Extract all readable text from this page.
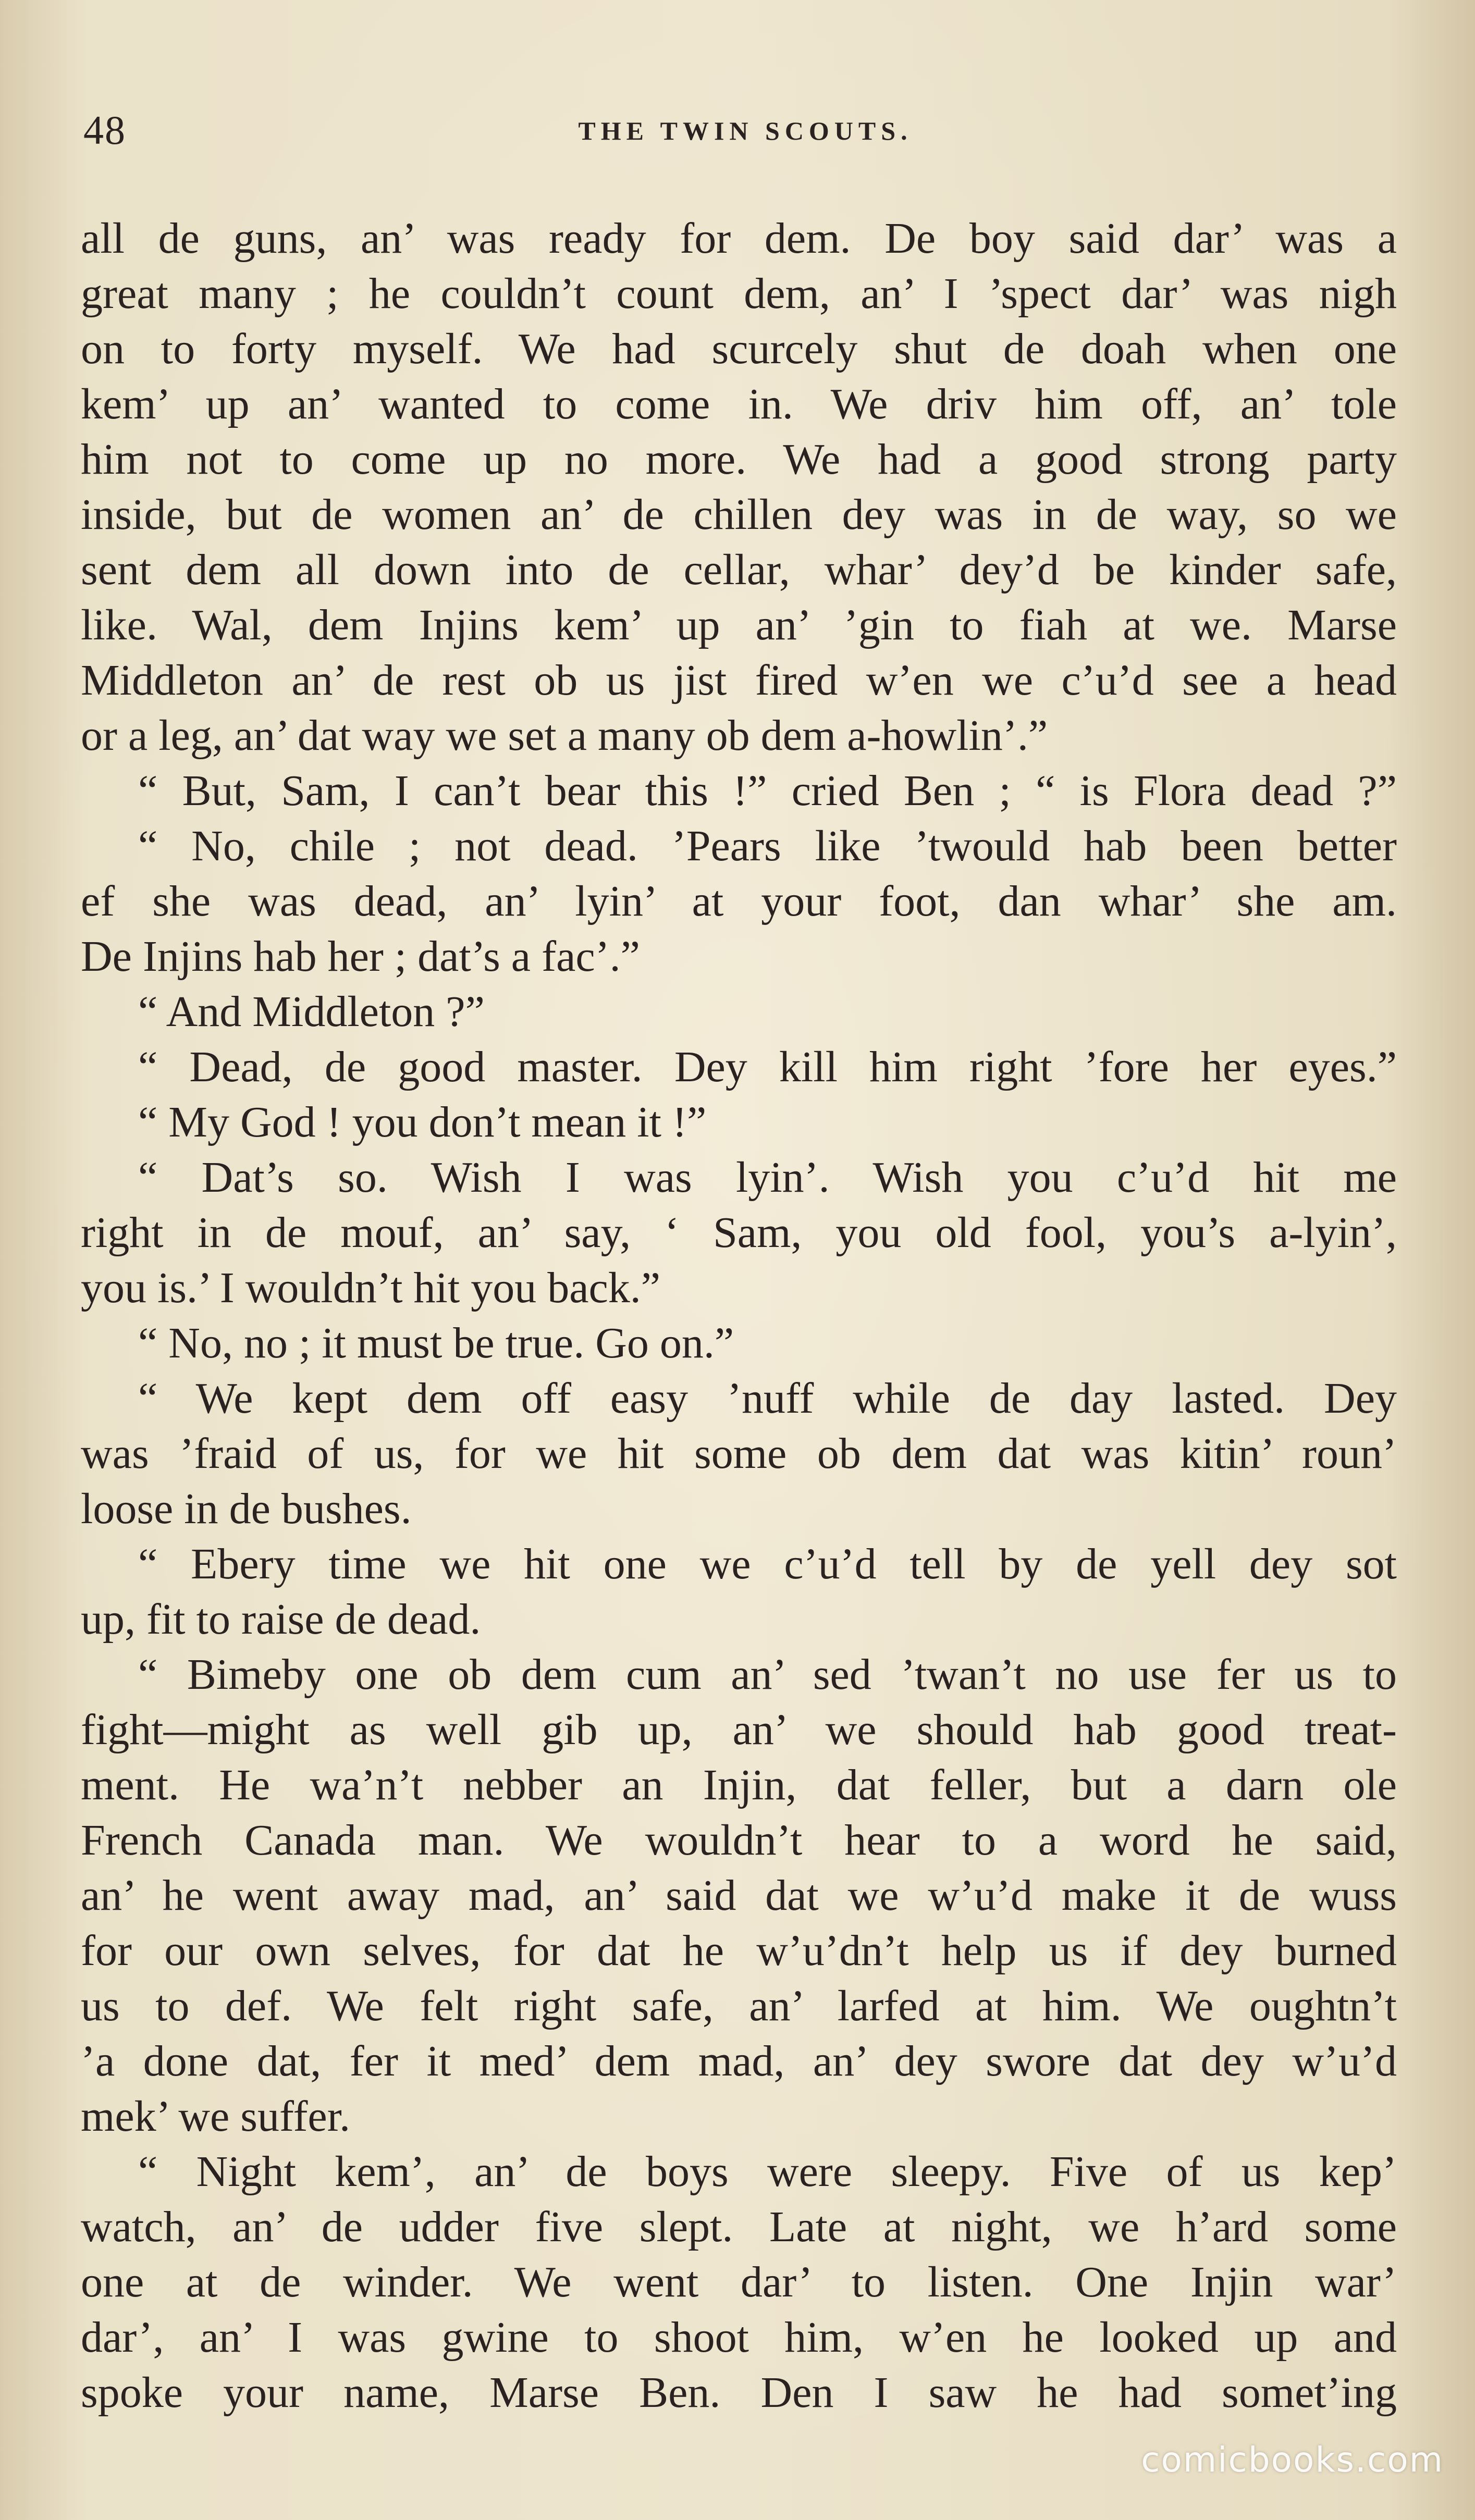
48	THE TWIN SCOUTS.
all de guns, an’ was ready for dem. De boy said dar’ was a
great many ; he couldn’t count dem, an’ I ’spect dar’ was nigh
on to forty myself. We had scurcely shut de doah when one
kem’ up an’ wanted to come in. We driv him off, an’ tole
him not to come up no more. We had a good strong party
inside, but de women an’ de chillen dey was in de way, so we
sent dem all down into de cellar, whar’ dey’d be kinder safe,
like. Wal, dem Injins kem’ up an’ ’gin to fiah at we. Marse
Middleton an’ de rest ob us jist fired w’en we c’u’d see a head
or a leg, an’ dat way we set a many ob dem a-howlin’.”
“ But, Sam, I can’t bear this !” cried Ben ; “ is Flora dead ?”
“ No, chile ; not dead. ’Pears like ’twould hab been better
ef she was dead, an’ lyin’ at your foot, dan whar’ she am.
De Injins hab her ; dat’s a fac’.”
“ And Middleton ?”
“ Dead, de good master. Dey kill him right ’fore her eyes.”
“ My God ! you don’t mean it !”
“ Dat’s so. Wish I was lyin’. Wish you c’u’d hit me
right in de mouf, an’ say, ‘ Sam, you old fool, you’s a-lyin’,
you is.’ I wouldn’t hit you back.”
“ No, no ; it must be true. Go on.”
“ We kept dem off easy ’nuff while de day lasted. Dey
was ’fraid of us, for we hit some ob dem dat was kitin’ roun’
loose in de bushes.
“ Ebery time we hit one we c’u’d tell by de yell dey sot
up, fit to raise de dead.
“ Bimeby one ob dem cum an’ sed ’twan’t no use fer us to
fight—might as well gib up, an’ we should hab good treat-
ment. He wa’n’t nebber an Injin, dat feller, but a darn ole
French Canada man. We wouldn’t hear to a word he said,
an’ he went away mad, an’ said dat we w’u’d make it de wuss
for our own selves, for dat he w’u’dn’t help us if dey burned
us to def. We felt right safe, an’ larfed at him. We oughtn’t
’a done dat, fer it med’ dem mad, an’ dey swore dat dey w’u’d
mek’ we suffer.
“ Night kem’, an’ de boys were sleepy. Five of us kep’
watch, an’ de udder five slept. Late at night, we h’ard some
one at de winder. We went dar’ to listen. One Injin war’
dar’, an’ I was gwine to shoot him, w’en he looked up and
spoke your name, Marse Ben. Den I saw he had somet’ing
comicbooks.com
